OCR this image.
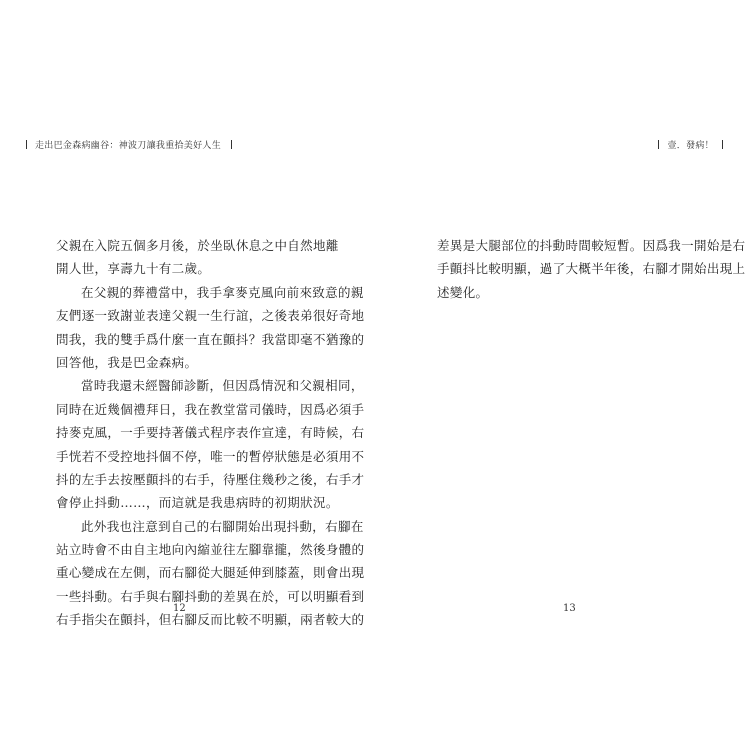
走出巴金森病幽谷：神波刀讓我重拾美好人生
父親在入院五個多月後，於坐臥休息之中自然地離
開人世，享壽九十有二歲。
在父親的葬禮當中，我手拿麥克風向前來致意的親
友們逐一致謝並表達父親一生行誼，之後表弟很好奇地
問我，我的雙手爲什麼一直在顫抖？我當即毫不猶豫的
回答他，我是巴金森病。
當時我還未經醫師診斷，但因爲情況和父親相同，
同時在近幾個禮拜日，我在教堂當司儀時，因爲必須手
持麥克風，一手要持著儀式程序表作宣達，有時候，右
手恍若不受控地抖個不停，唯一的暫停狀態是必須用不
抖的左手去按壓顫抖的右手，待壓住幾秒之後，右手才
會停止抖動……，而這就是我患病時的初期狀況。
此外我也注意到自己的右腳開始出現抖動，右腳在
站立時會不由自主地向內縮並往左腳靠攏，然後身體的
重心變成在左側，而右腳從大腿延伸到膝蓋，則會出現
一些抖動。右手與右腳抖動的差異在於，可以明顯看到
右手指尖在顫抖，但右腳反而比較不明顯，兩者較大的
12
壹．發病！
差異是大腿部位的抖動時間較短暫。因爲我一開始是右
手顫抖比較明顯，過了大概半年後，右腳才開始出現上
述變化。
13
